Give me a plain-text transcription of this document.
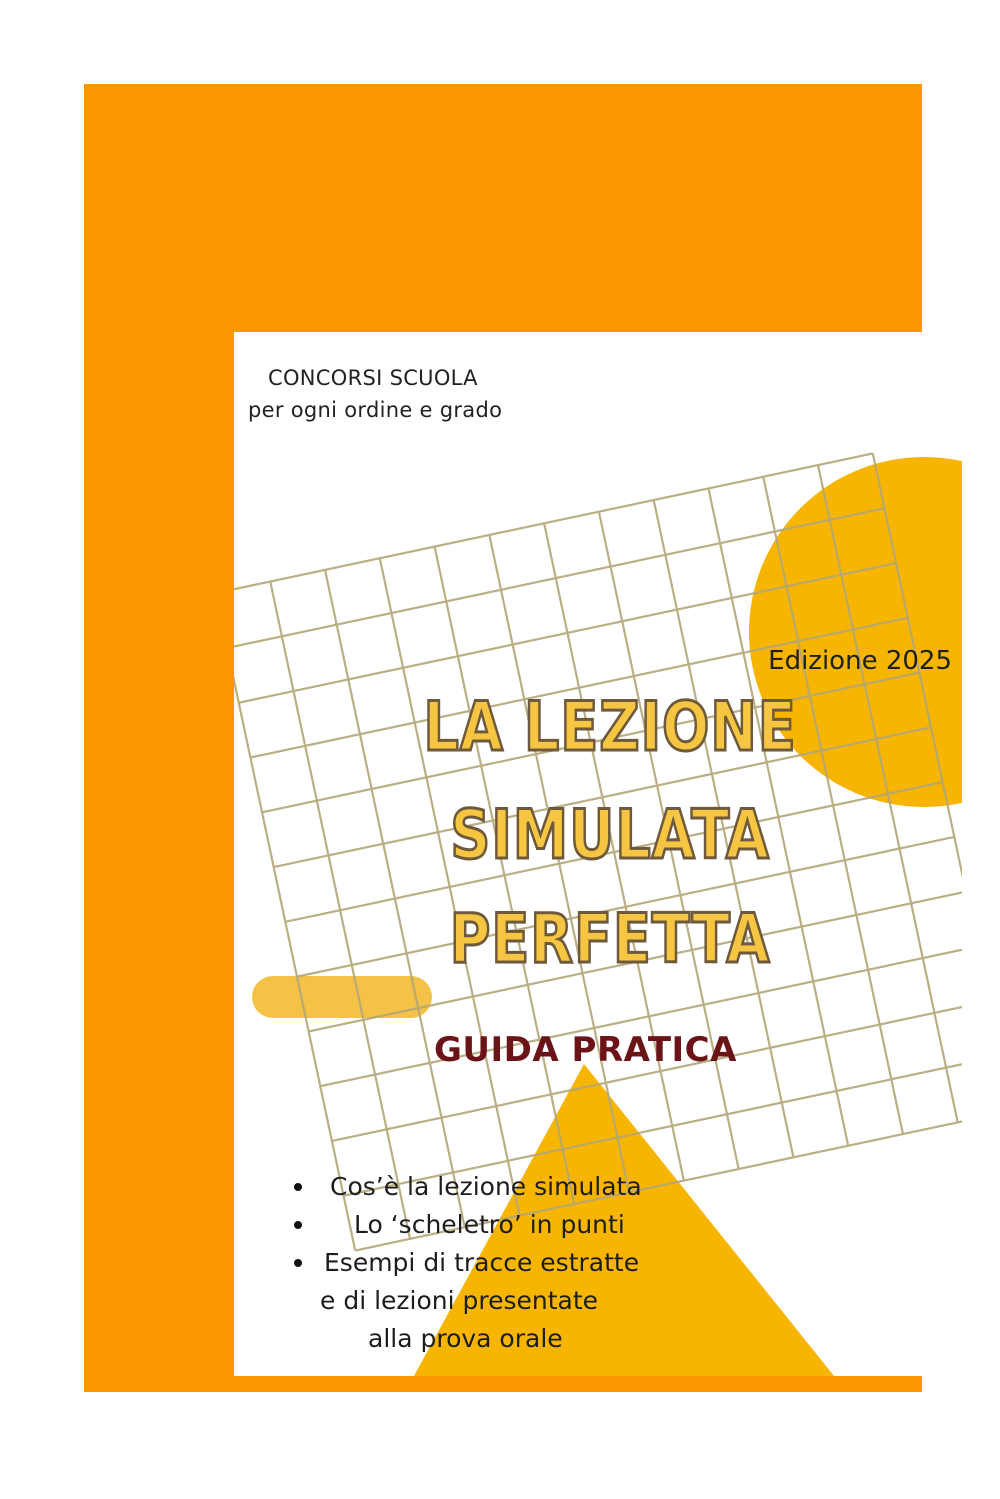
CONCORSI SCUOLA

per ogni ordine e grado

Edizione 2025

LA LEZIONE

SIMULATA

PERFETTA

GUIDA PRATICA

Cos’è la lezione simulata
Lo ‘scheletro’ in punti
Esempi di tracce estratte
e di lezioni presentate
alla prova orale
